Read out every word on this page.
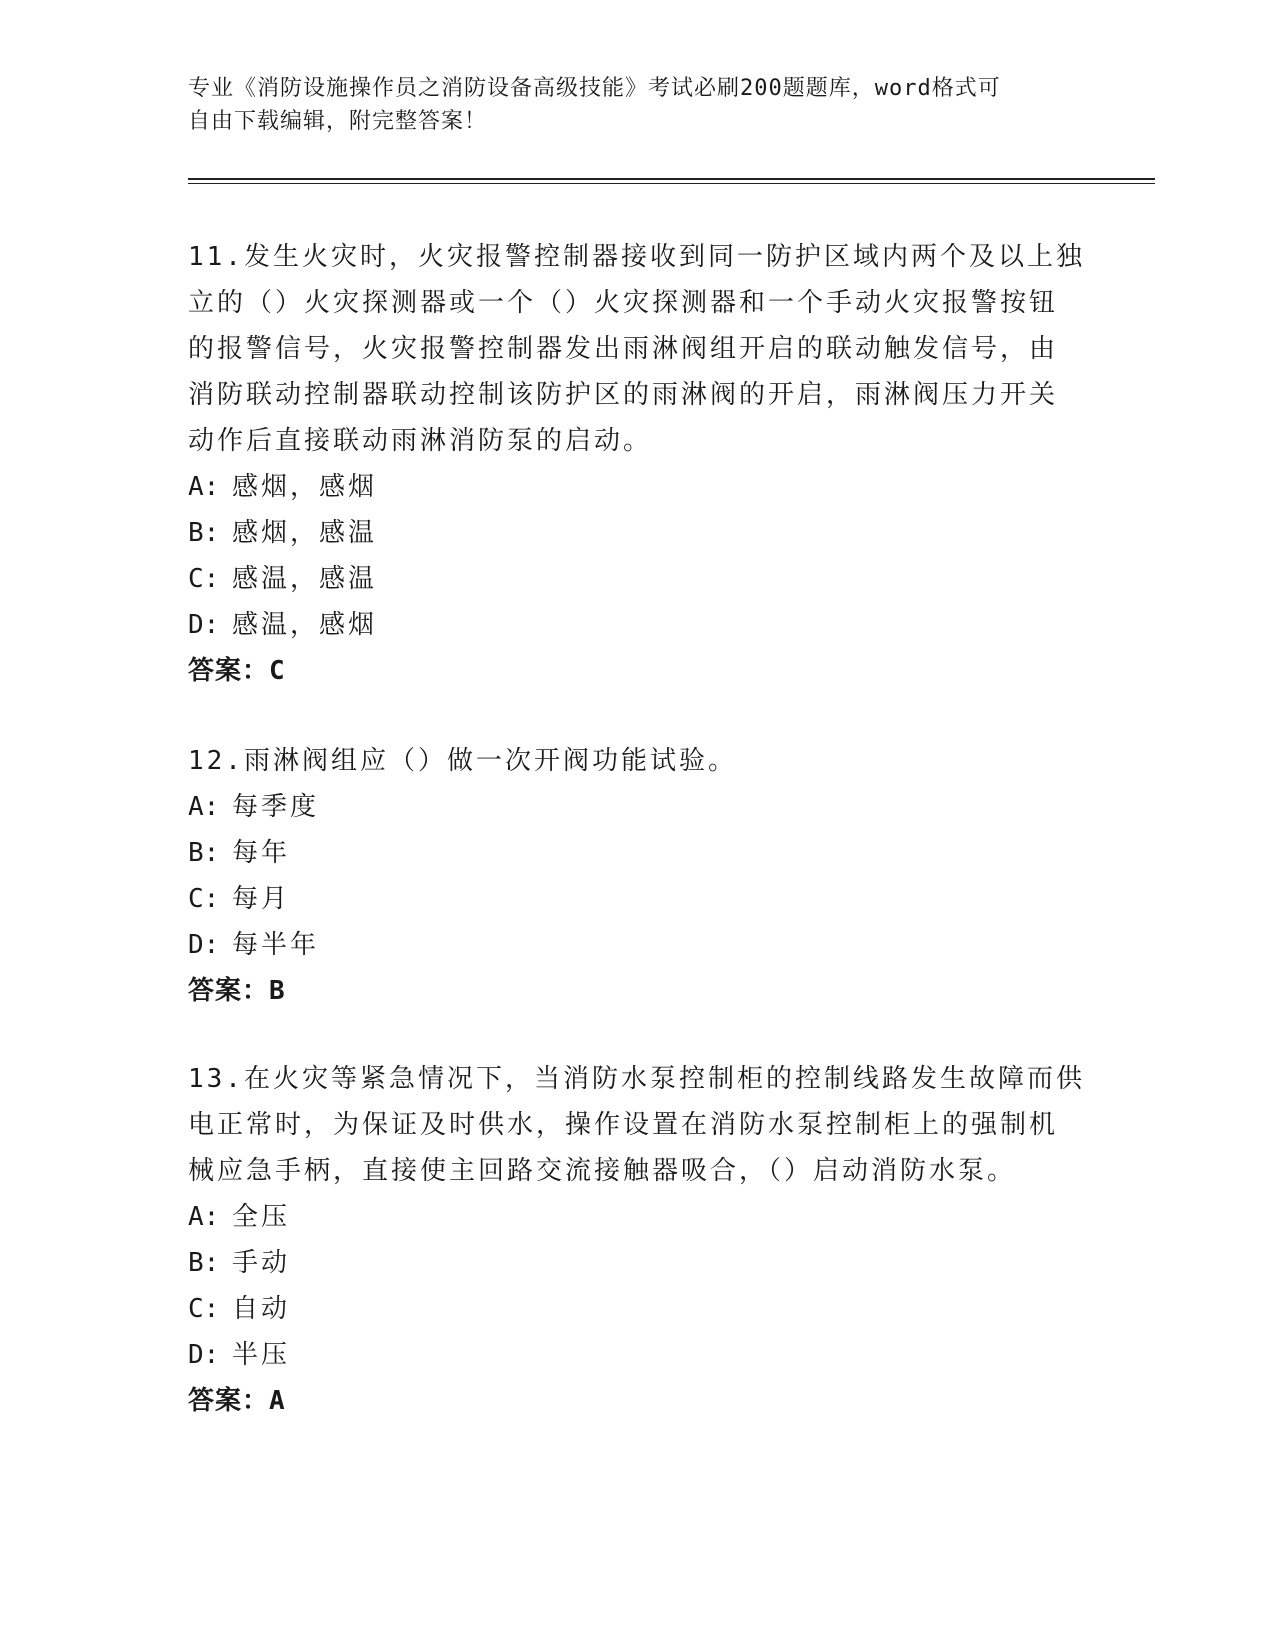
专业《消防设施操作员之消防设备高级技能》考试必刷200题题库，word格式可
自由下载编辑，附完整答案！

11.发生火灾时，火灾报警控制器接收到同一防护区域内两个及以上独

立的（）火灾探测器或一个（）火灾探测器和一个手动火灾报警按钮

的报警信号，火灾报警控制器发出雨淋阀组开启的联动触发信号，由

消防联动控制器联动控制该防护区的雨淋阀的开启，雨淋阀压力开关

动作后直接联动雨淋消防泵的启动。

A: 感烟，感烟

B: 感烟，感温

C: 感温，感温

D: 感温，感烟

答案：C

12.雨淋阀组应（）做一次开阀功能试验。

A: 每季度

B: 每年

C: 每月

D: 每半年

答案：B

13.在火灾等紧急情况下，当消防水泵控制柜的控制线路发生故障而供

电正常时，为保证及时供水，操作设置在消防水泵控制柜上的强制机

械应急手柄，直接使主回路交流接触器吸合，（）启动消防水泵。

A: 全压

B: 手动

C: 自动

D: 半压

答案：A
